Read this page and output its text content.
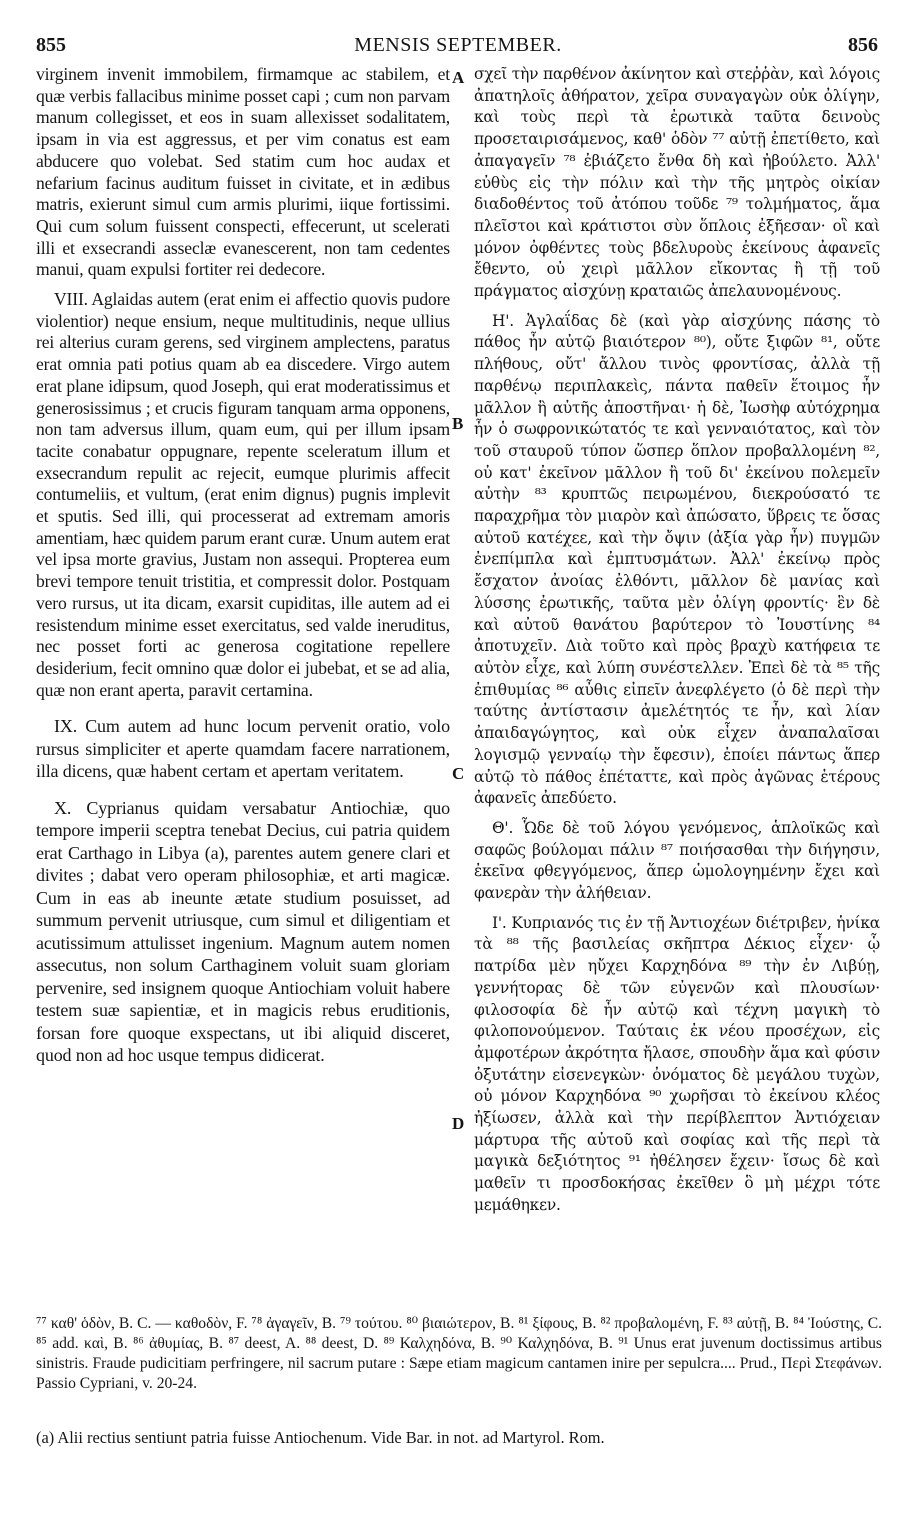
855	MENSIS SEPTEMBER.	856

virginem invenit immobilem, firmamque ac stabilem, et quæ verbis fallacibus minime posset capi ; cum non parvam manum collegisset, et eos in suam allexisset sodalitatem, ipsam in via est aggressus, et per vim conatus est eam abducere quo volebat. Sed statim cum hoc audax et nefarium facinus auditum fuisset in civitate, et in ædibus matris, exierunt simul cum armis plurimi, iique fortissimi. Qui cum solum fuissent conspecti, effecerunt, ut scelerati illi et exsecrandi asseclæ evanescerent, non tam cedentes manui, quam expulsi fortiter rei dedecore.

VIII. Aglaidas autem (erat enim ei affectio quovis pudore violentior) neque ensium, neque multitudinis, neque ullius rei alterius curam gerens, sed virginem amplectens, paratus erat omnia pati potius quam ab ea discedere. Virgo autem erat plane idipsum, quod Joseph, qui erat moderatissimus et generosissimus ; et crucis figuram tanquam arma opponens, non tam adversus illum, quam eum, qui per illum ipsam tacite conabatur oppugnare, repente sceleratum illum et exsecrandum repulit ac rejecit, eumque plurimis affecit contumeliis, et vultum, (erat enim dignus) pugnis implevit et sputis. Sed illi, qui processerat ad extremam amoris amentiam, hæc quidem parum erant curæ. Unum autem erat vel ipsa morte gravius, Justam non assequi. Propterea eum brevi tempore tenuit tristitia, et compressit dolor. Postquam vero rursus, ut ita dicam, exarsit cupiditas, ille autem ad ei resistendum minime esset exercitatus, sed valde ineruditus, nec posset forti ac generosa cogitatione repellere desiderium, fecit omnino quæ dolor ei jubebat, et se ad alia, quæ non erant aperta, paravit certamina.

IX. Cum autem ad hunc locum pervenit oratio, volo rursus simpliciter et aperte quamdam facere narrationem, illa dicens, quæ habent certam et apertam veritatem.

X. Cyprianus quidam versabatur Antiochiæ, quo tempore imperii sceptra tenebat Decius, cui patria quidem erat Carthago in Libya (a), parentes autem genere clari et divites ; dabat vero operam philosophiæ, et arti magicæ. Cum in eas ab ineunte ætate studium posuisset, ad summum pervenit utriusque, cum simul et diligentiam et acutissimum attulisset ingenium. Magnum autem nomen assecutus, non solum Carthaginem voluit suam gloriam pervenire, sed insignem quoque Antiochiam voluit habere testem suæ sapientiæ, et in magicis rebus eruditionis, forsan fore quoque exspectans, ut ibi aliquid disceret, quod non ad hoc usque tempus didicerat.

A
B
C
D

σχεῖ τὴν παρθένον ἀκίνητον καὶ στεῤῥὰν, καὶ λόγοις ἀπατηλοῖς ἀθήρατον, χεῖρα συναγαγὼν οὐκ ὀλίγην, καὶ τοὺς περὶ τὰ ἐρωτικὰ ταῦτα δεινοὺς προσεταιρισάμενος, καθ' ὁδὸν ⁷⁷ αὐτῇ ἐπετίθετο, καὶ ἀπαγαγεῖν ⁷⁸ ἐβιάζετο ἔνθα δὴ καὶ ἠβούλετο. Ἀλλ' εὐθὺς εἰς τὴν πόλιν καὶ τὴν τῆς μητρὸς οἰκίαν διαδοθέντος τοῦ ἀτόπου τοῦδε ⁷⁹ τολμήματος, ἅμα πλεῖστοι καὶ κράτιστοι σὺν ὅπλοις ἐξῆεσαν· οἳ καὶ μόνον ὀφθέντες τοὺς βδελυροὺς ἐκείνους ἀφανεῖς ἔθεντο, οὐ χειρὶ μᾶλλον εἴκοντας ἢ τῇ τοῦ πράγματος αἰσχύνῃ κραταιῶς ἀπελαυνομένους.

Η'. Ἀγλαΐδας δὲ (καὶ γὰρ αἰσχύνης πάσης τὸ πάθος ἦν αὐτῷ βιαιότερον ⁸⁰), οὔτε ξιφῶν ⁸¹, οὔτε πλήθους, οὔτ' ἄλλου τινὸς φροντίσας, ἀλλὰ τῇ παρθένῳ περιπλακεὶς, πάντα παθεῖν ἕτοιμος ἦν μᾶλλον ἢ αὐτῆς ἀποστῆναι· ἡ δὲ, Ἰωσὴφ αὐτόχρημα ἦν ὁ σωφρονικώτατός τε καὶ γενναιότατος, καὶ τὸν τοῦ σταυροῦ τύπον ὥσπερ ὅπλον προβαλλομένη ⁸², οὐ κατ' ἐκεῖνον μᾶλλον ἢ τοῦ δι' ἐκείνου πολεμεῖν αὐτὴν ⁸³ κρυπτῶς πειρωμένου, διεκρούσατό τε παραχρῆμα τὸν μιαρὸν καὶ ἀπώσατο, ὕβρεις τε ὅσας αὐτοῦ κατέχεε, καὶ τὴν ὄψιν (ἀξία γὰρ ἦν) πυγμῶν ἐνεπίμπλα καὶ ἐμπτυσμάτων. Ἀλλ' ἐκείνῳ πρὸς ἔσχατον ἀνοίας ἐλθόντι, μᾶλλον δὲ μανίας καὶ λύσσης ἐρωτικῆς, ταῦτα μὲν ὀλίγη φροντίς· ἓν δὲ καὶ αὐτοῦ θανάτου βαρύτερον τὸ Ἰουστίνης ⁸⁴ ἀποτυχεῖν. Διὰ τοῦτο καὶ πρὸς βραχὺ κατήφεια τε αὐτὸν εἶχε, καὶ λύπη συνέστελλεν. Ἐπεὶ δὲ τὰ ⁸⁵ τῆς ἐπιθυμίας ⁸⁶ αὖθις εἰπεῖν ἀνεφλέγετο (ὁ δὲ περὶ τὴν ταύτης ἀντίστασιν ἀμελέτητός τε ἦν, καὶ λίαν ἀπαιδαγώγητος, καὶ οὐκ εἶχεν ἀναπαλαῖσαι λογισμῷ γενναίῳ τὴν ἔφεσιν), ἐποίει πάντως ἅπερ αὐτῷ τὸ πάθος ἐπέταττε, καὶ πρὸς ἀγῶνας ἑτέρους ἀφανεῖς ἀπεδύετο.

Θ'. Ὧδε δὲ τοῦ λόγου γενόμενος, ἁπλοϊκῶς καὶ σαφῶς βούλομαι πάλιν ⁸⁷ ποιήσασθαι τὴν διήγησιν, ἐκεῖνα φθεγγόμενος, ἅπερ ὡμολογημένην ἔχει καὶ φανερὰν τὴν ἀλήθειαν.

Ι'. Κυπριανός τις ἐν τῇ Ἀντιοχέων διέτριβεν, ἡνίκα τὰ ⁸⁸ τῆς βασιλείας σκῆπτρα Δέκιος εἶχεν· ᾧ πατρίδα μὲν ηὔχει Καρχηδόνα ⁸⁹ τὴν ἐν Λιβύῃ, γεννήτορας δὲ τῶν εὐγενῶν καὶ πλουσίων· φιλοσοφία δὲ ἦν αὐτῷ καὶ τέχνη μαγικὴ τὸ φιλοπονούμενον. Ταύταις ἐκ νέου προσέχων, εἰς ἀμφοτέρων ἀκρότητα ἤλασε, σπουδὴν ἅμα καὶ φύσιν ὀξυτάτην εἰσενεγκὼν· ὀνόματος δὲ μεγάλου τυχὼν, οὐ μόνον Καρχηδόνα ⁹⁰ χωρῆσαι τὸ ἐκείνου κλέος ἠξίωσεν, ἀλλὰ καὶ τὴν περίβλεπτον Ἀντιόχειαν μάρτυρα τῆς αὐτοῦ καὶ σοφίας καὶ τῆς περὶ τὰ μαγικὰ δεξιότητος ⁹¹ ἠθέλησεν ἔχειν· ἴσως δὲ καὶ μαθεῖν τι προσδοκήσας ἐκεῖθεν ὃ μὴ μέχρι τότε μεμάθηκεν.

⁷⁷ καθ' ὁδὸν, B. C. — καθοδὸν, F. ⁷⁸ ἀγαγεῖν, B. ⁷⁹ τούτου. ⁸⁰ βιαιώτερον, B. ⁸¹ ξίφους, B. ⁸² προβαλομένη, F. ⁸³ αὐτῇ, B. ⁸⁴ Ἰούστης, C. ⁸⁵ add. καὶ, B. ⁸⁶ ἀθυμίας, B. ⁸⁷ deest, A. ⁸⁸ deest, D. ⁸⁹ Καλχηδόνα, B. ⁹⁰ Καλχηδόνα, B. ⁹¹ Unus erat juvenum doctissimus artibus sinistris. Fraude pudicitiam perfringere, nil sacrum putare : Sæpe etiam magicum cantamen inire per sepulcra.... Prud., Περὶ Στεφάνων. Passio Cypriani, v. 20-24.
(a) Alii rectius sentiunt patria fuisse Antiochenum. Vide Bar. in not. ad Martyrol. Rom.
